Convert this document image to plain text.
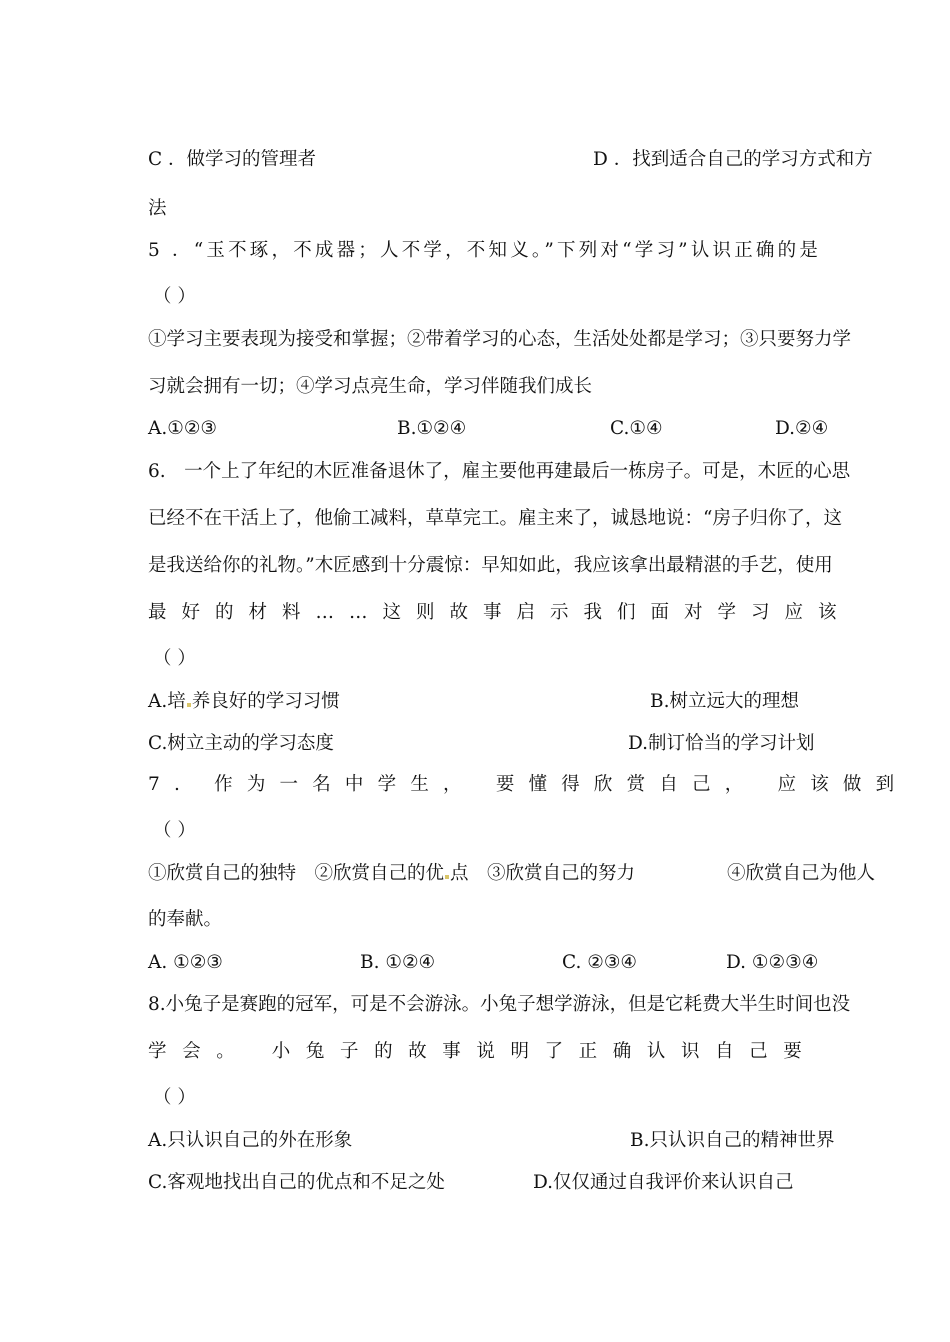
C ．做学习的管理者	D ．找到适合自己的学习方式和方
法
5 ．“玉不琢，不成器；人不学，不知义。”下列对“学习”认识正确的是
（ ）
①学习主要表现为接受和掌握；②带着学习的心态，生活处处都是学习；③只要努力学
习就会拥有一切；④学习点亮生命，学习伴随我们成长
A.①②③	B.①②④	C.①④	D.②④
6.　一个上了年纪的木匠准备退休了，雇主要他再建最后一栋房子。可是，木匠的心思
已经不在干活上了，他偷工减料，草草完工。雇主来了，诚恳地说：“房子归你了，这
是我送给你的礼物。”木匠感到十分震惊：早知如此，我应该拿出最精湛的手艺，使用
最好的材料……这则故事启示我们面对学习应该
（ ）
A.培 养良好的学习习惯	B.树立远大的理想
C.树立主动的学习态度	D.制订恰当的学习计划
7. 作为一名中学生， 要懂得欣赏自己， 应该做到
（ ）
①欣赏自己的独特　②欣赏自己的优 点　③欣赏自己的努力	④欣赏自己为他人
的奉献。
A. ①②③	B. ①②④	C. ②③④	D. ①②③④
8.小兔子是赛跑的冠军，可是不会游泳。小兔子想学游泳，但是它耗费大半生时间也没
学会。 小兔子的故事说明了正确认识自己要
（ ）
A.只认识自己的外在形象	B.只认识自己的精神世界
C.客观地找出自己的优点和不足之处	D.仅仅通过自我评价来认识自己
